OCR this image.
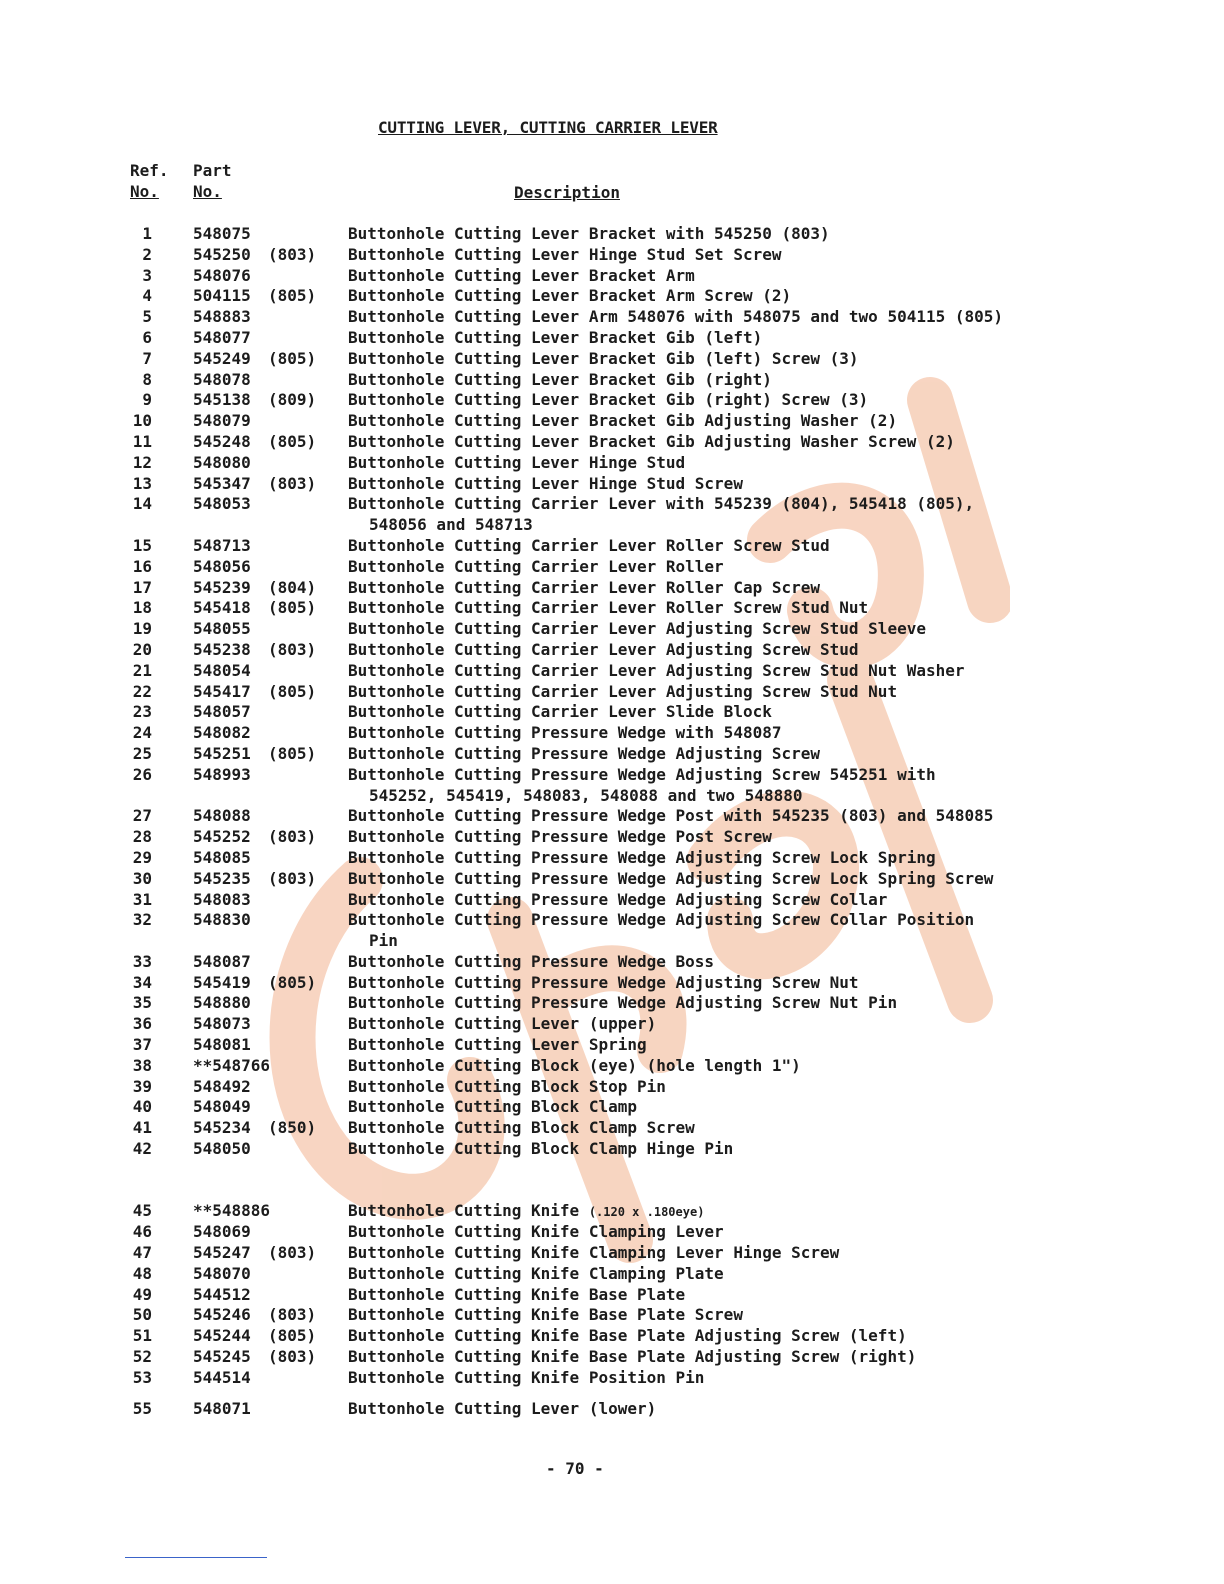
CUTTING LEVER, CUTTING CARRIER LEVER
Ref.
No.
Part
No.	Description
1	548075	Buttonhole Cutting Lever Bracket with 545250 (803)
2	545250 (803) Buttonhole Cutting Lever Hinge Stud Set Screw
3	548076	Buttonhole Cutting Lever Bracket Arm
4	504115 (805) Buttonhole Cutting Lever Bracket Arm Screw (2)
5	548883	Buttonhole Cutting Lever Arm 548076 with 548075 and two 504115 (805)
6	548077	Buttonhole Cutting Lever Bracket Gib (left)
7	545249 (805) Buttonhole Cutting Lever Bracket Gib (left) Screw (3)
8	548078	Buttonhole Cutting Lever Bracket Gib (right)
9	545138 (809) Buttonhole Cutting Lever Bracket Gib (right) Screw (3)
10	548079	Buttonhole Cutting Lever Bracket Gib Adjusting Washer (2)
11	545248 (805) Buttonhole Cutting Lever Bracket Gib Adjusting Washer Screw (2)
12	548080	Buttonhole Cutting Lever Hinge Stud
13	545347 (803) Buttonhole Cutting Lever Hinge Stud Screw
14	548053	Buttonhole Cutting Carrier Lever with 545239 (804), 545418 (805),
548056 and 548713
15	548713	Buttonhole Cutting Carrier Lever Roller Screw Stud
16	548056	Buttonhole Cutting Carrier Lever Roller
17	545239 (804) Buttonhole Cutting Carrier Lever Roller Cap Screw
18	545418 (805) Buttonhole Cutting Carrier Lever Roller Screw Stud Nut
19	548055	Buttonhole Cutting Carrier Lever Adjusting Screw Stud Sleeve
20	545238 (803) Buttonhole Cutting Carrier Lever Adjusting Screw Stud
21	548054	Buttonhole Cutting Carrier Lever Adjusting Screw Stud Nut Washer
22	545417 (805) Buttonhole Cutting Carrier Lever Adjusting Screw Stud Nut
23	548057	Buttonhole Cutting Carrier Lever Slide Block
24	548082	Buttonhole Cutting Pressure Wedge with 548087
25	545251 (805) Buttonhole Cutting Pressure Wedge Adjusting Screw
26	548993	Buttonhole Cutting Pressure Wedge Adjusting Screw 545251 with
545252, 545419, 548083, 548088 and two 548880
27	548088	Buttonhole Cutting Pressure Wedge Post with 545235 (803) and 548085
28	545252 (803) Buttonhole Cutting Pressure Wedge Post Screw
29	548085	Buttonhole Cutting Pressure Wedge Adjusting Screw Lock Spring
30	545235 (803) Buttonhole Cutting Pressure Wedge Adjusting Screw Lock Spring Screw
31	548083	Buttonhole Cutting Pressure Wedge Adjusting Screw Collar
32	548830	Buttonhole Cutting Pressure Wedge Adjusting Screw Collar Position
Pin
33	548087	Buttonhole Cutting Pressure Wedge Boss
34	545419 (805) Buttonhole Cutting Pressure Wedge Adjusting Screw Nut
35	548880	Buttonhole Cutting Pressure Wedge Adjusting Screw Nut Pin
36	548073	Buttonhole Cutting Lever (upper)
37	548081	Buttonhole Cutting Lever Spring
38	**548766	Buttonhole Cutting Block (eye) (hole length 1")
39	548492	Buttonhole Cutting Block Stop Pin
40	548049	Buttonhole Cutting Block Clamp
41	545234 (850) Buttonhole Cutting Block Clamp Screw
42	548050	Buttonhole Cutting Block Clamp Hinge Pin
45	**548886	Buttonhole Cutting Knife (.120 x .180eye)
46	548069	Buttonhole Cutting Knife Clamping Lever
47	545247 (803) Buttonhole Cutting Knife Clamping Lever Hinge Screw
48	548070	Buttonhole Cutting Knife Clamping Plate
49	544512	Buttonhole Cutting Knife Base Plate
50	545246 (803) Buttonhole Cutting Knife Base Plate Screw
51	545244 (805) Buttonhole Cutting Knife Base Plate Adjusting Screw (left)
52	545245 (803) Buttonhole Cutting Knife Base Plate Adjusting Screw (right)
53	544514	Buttonhole Cutting Knife Position Pin
55	548071	Buttonhole Cutting Lever (lower)
- 70 -
